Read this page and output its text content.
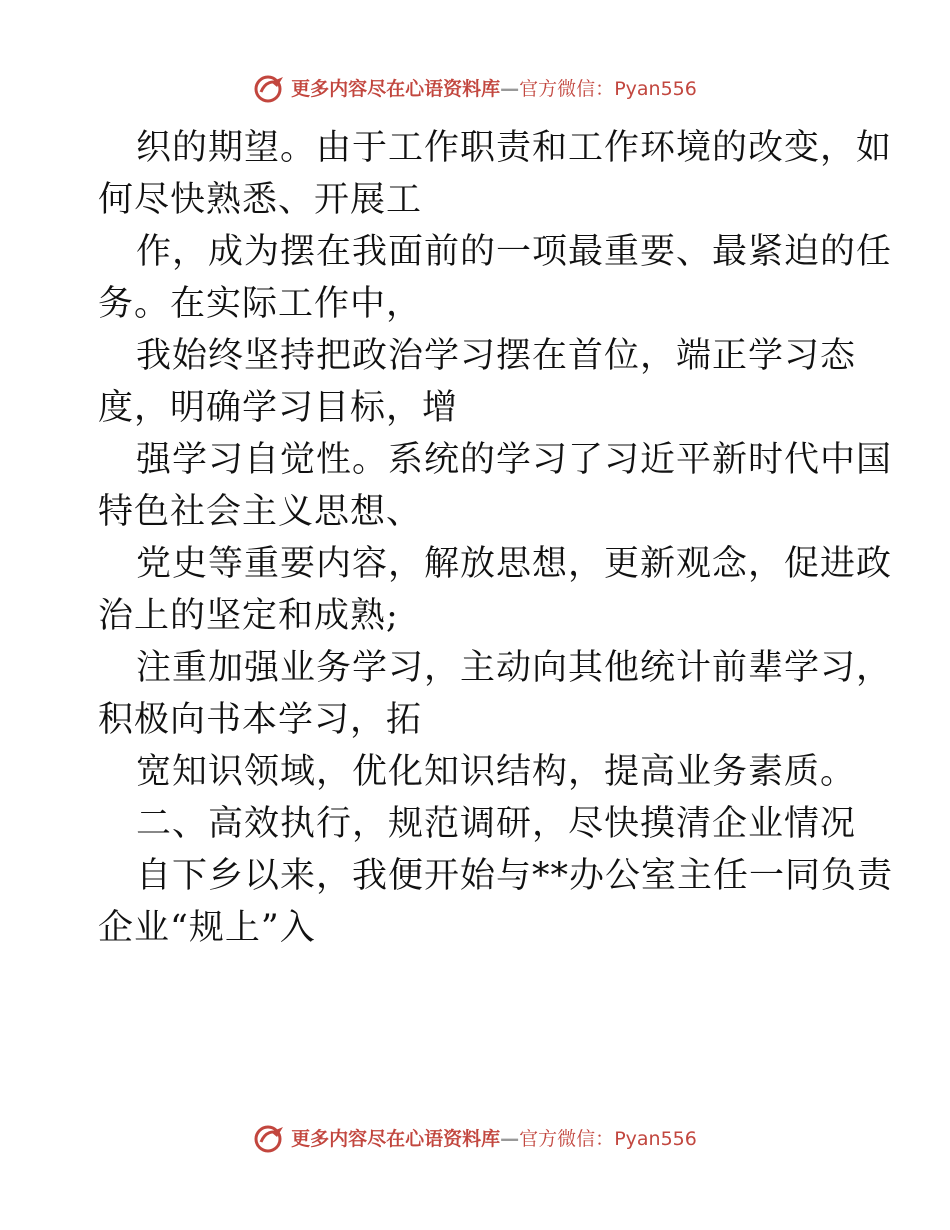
更多内容尽在心语资料库 — 官方微信： Pyan556

织的期望。由于工作职责和工作环境的改变，如
何尽快熟悉、开展工

作，成为摆在我面前的一项最重要、最紧迫的任
务。在实际工作中，

我始终坚持把政治学习摆在首位，端正学习态
度，明确学习目标，增

强学习自觉性。系统的学习了习近平新时代中国
特色社会主义思想、

党史等重要内容，解放思想，更新观念，促进政
治上的坚定和成熟;

注重加强业务学习，主动向其他统计前辈学习，
积极向书本学习，拓

宽知识领域，优化知识结构，提高业务素质。

二、高效执行，规范调研，尽快摸清企业情况

自下乡以来，我便开始与**办公室主任一同负责
企业“规上”入

更多内容尽在心语资料库 — 官方微信： Pyan556
